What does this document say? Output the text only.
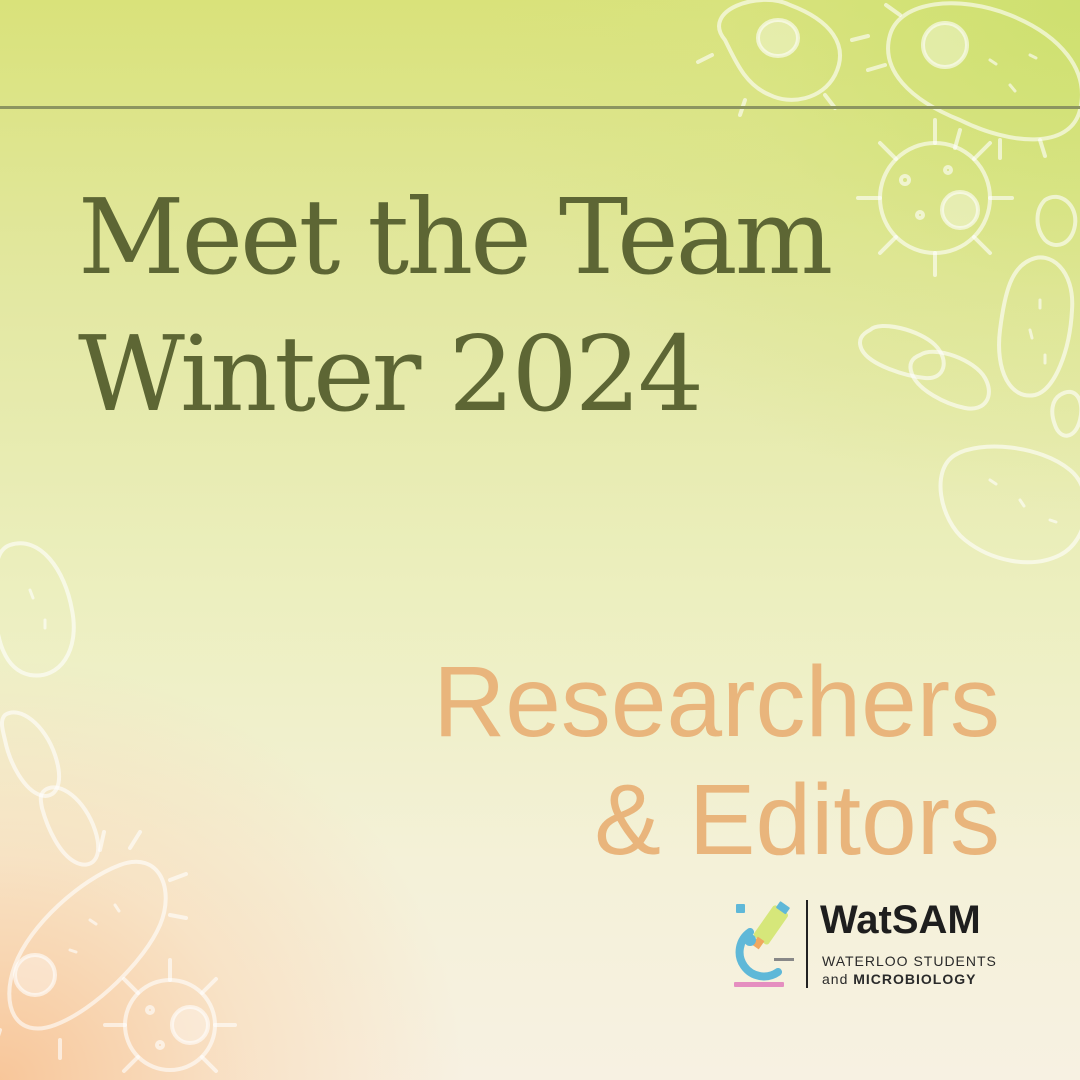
Meet the Team
Winter 2024
Researchers
& Editors
WatSAM
WATERLOO STUDENTS
and MICROBIOLOGY
